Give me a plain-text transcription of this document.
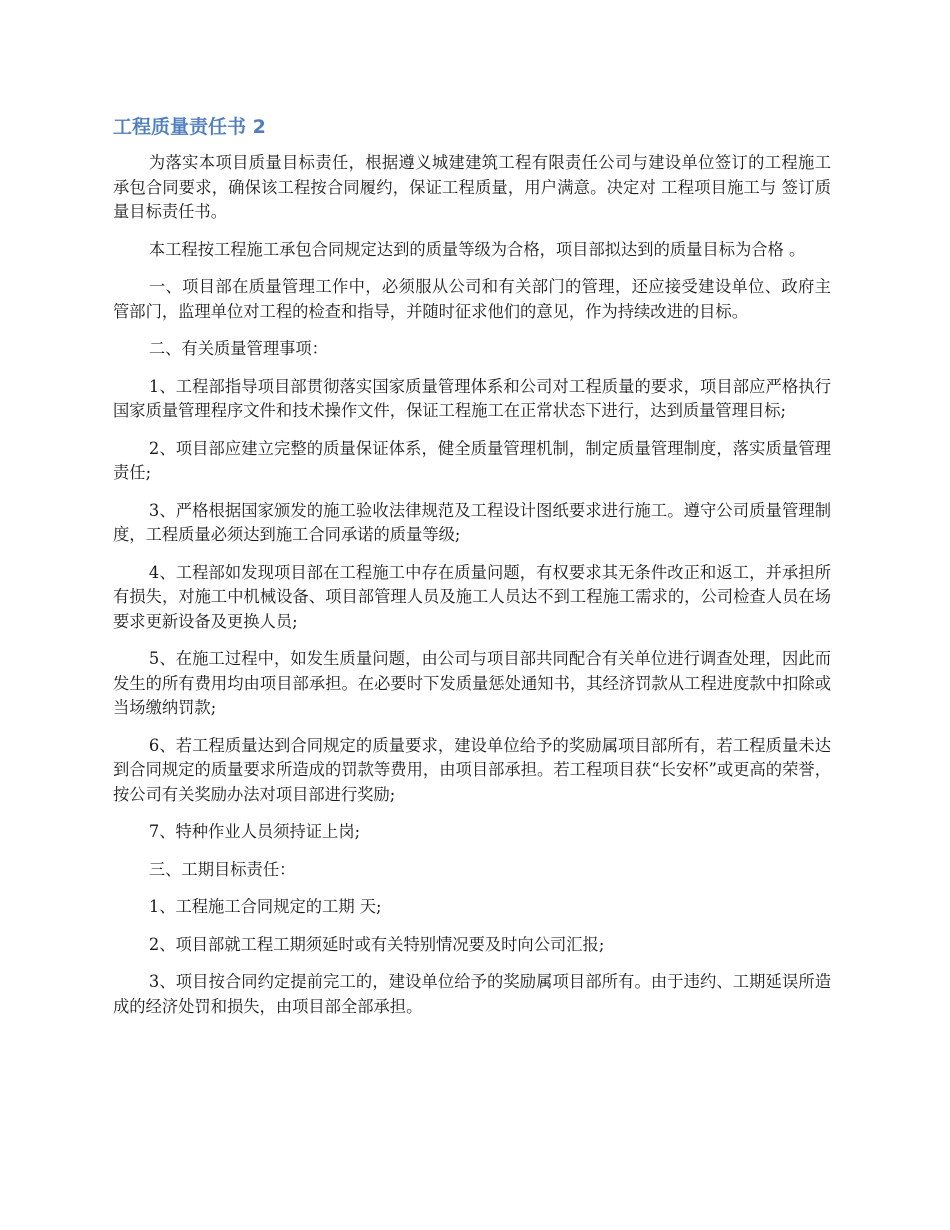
工程质量责任书 2

为落实本项目质量目标责任，根据遵义城建建筑工程有限责任公司与建设单位签订的工程施工承包合同要求，确保该工程按合同履约，保证工程质量，用户满意。决定对 工程项目施工与 签订质量目标责任书。

本工程按工程施工承包合同规定达到的质量等级为合格，项目部拟达到的质量目标为合格 。

一、项目部在质量管理工作中，必须服从公司和有关部门的管理，还应接受建设单位、政府主管部门，监理单位对工程的检查和指导，并随时征求他们的意见，作为持续改进的目标。

二、有关质量管理事项：

1、工程部指导项目部贯彻落实国家质量管理体系和公司对工程质量的要求，项目部应严格执行国家质量管理程序文件和技术操作文件，保证工程施工在正常状态下进行，达到质量管理目标;

2、项目部应建立完整的质量保证体系，健全质量管理机制，制定质量管理制度，落实质量管理责任;

3、严格根据国家颁发的施工验收法律规范及工程设计图纸要求进行施工。遵守公司质量管理制度，工程质量必须达到施工合同承诺的质量等级;

4、工程部如发现项目部在工程施工中存在质量问题，有权要求其无条件改正和返工，并承担所有损失，对施工中机械设备、项目部管理人员及施工人员达不到工程施工需求的，公司检查人员在场要求更新设备及更换人员;

5、在施工过程中，如发生质量问题，由公司与项目部共同配合有关单位进行调查处理，因此而发生的所有费用均由项目部承担。在必要时下发质量惩处通知书，其经济罚款从工程进度款中扣除或当场缴纳罚款;

6、若工程质量达到合同规定的质量要求，建设单位给予的奖励属项目部所有，若工程质量未达到合同规定的质量要求所造成的罚款等费用，由项目部承担。若工程项目获“长安杯”或更高的荣誉，按公司有关奖励办法对项目部进行奖励;

7、特种作业人员须持证上岗;

三、工期目标责任：

1、工程施工合同规定的工期 天;

2、项目部就工程工期须延时或有关特别情况要及时向公司汇报;

3、项目按合同约定提前完工的，建设单位给予的奖励属项目部所有。由于违约、工期延误所造成的经济处罚和损失，由项目部全部承担。
